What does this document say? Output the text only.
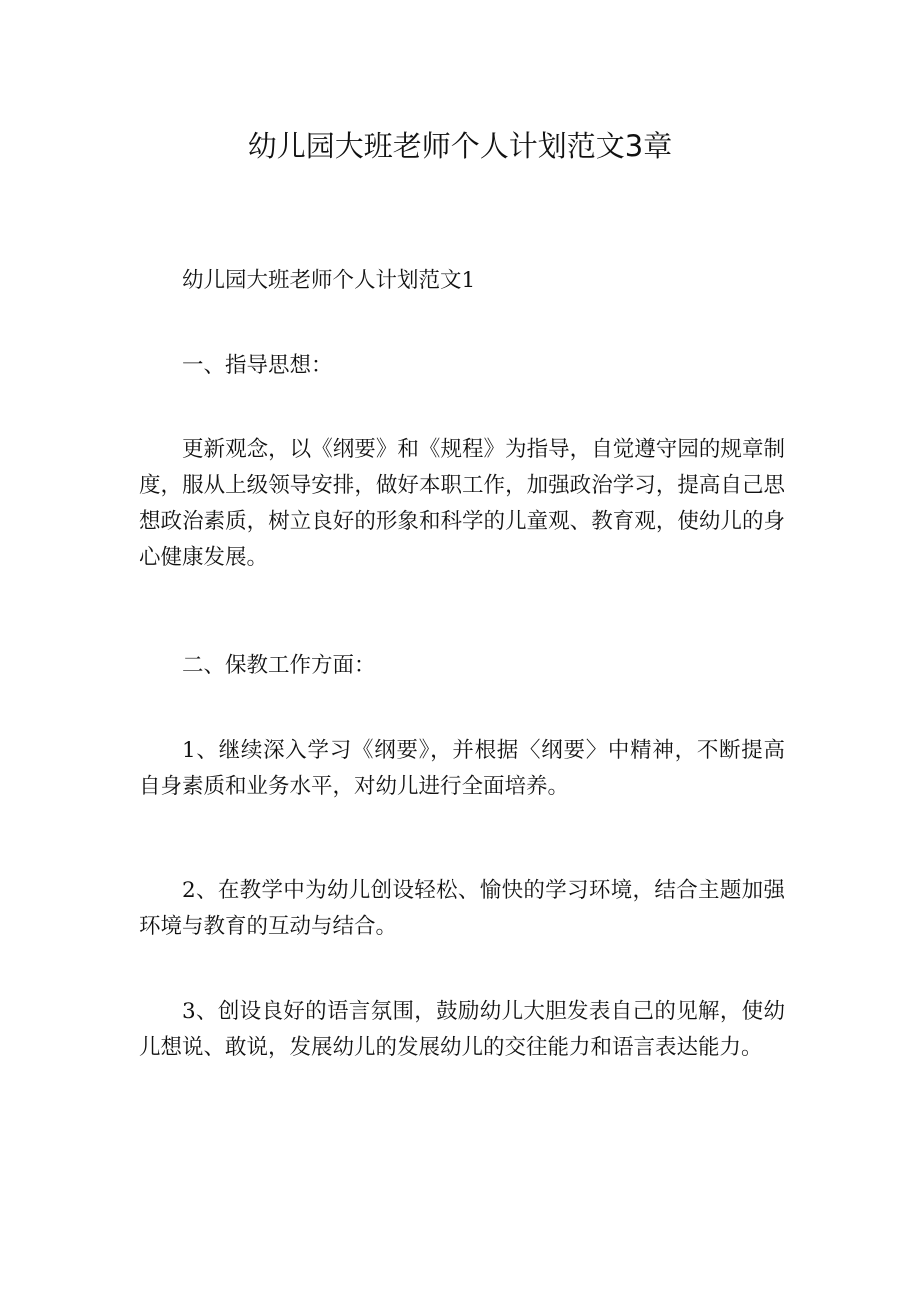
幼儿园大班老师个人计划范文3章

幼儿园大班老师个人计划范文1

一、指导思想：

更新观念，以《纲要》和《规程》为指导，自觉遵守园的规章制度，服从上级领导安排，做好本职工作，加强政治学习，提高自己思想政治素质，树立良好的形象和科学的儿童观、教育观，使幼儿的身心健康发展。

二、保教工作方面：

1、继续深入学习《纲要》，并根据〈纲要〉中精神，不断提高自身素质和业务水平，对幼儿进行全面培养。

2、在教学中为幼儿创设轻松、愉快的学习环境，结合主题加强环境与教育的互动与结合。

3、创设良好的语言氛围，鼓励幼儿大胆发表自己的见解，使幼儿想说、敢说，发展幼儿的发展幼儿的交往能力和语言表达能力。
